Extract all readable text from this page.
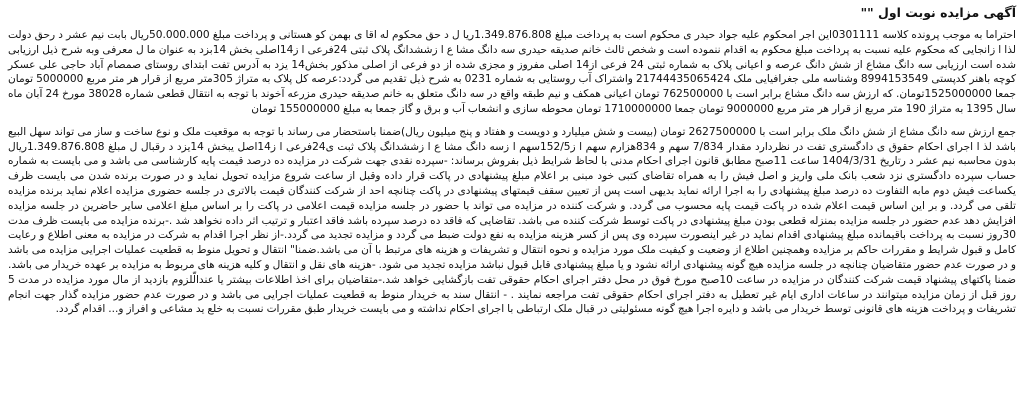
آگهی مزایده نوبت اول ""

احتراما به موجب پرونده کلاسه 0301111این اجر امحکوم علیه جواد حیدر ی محکوم است به پرداخت مبلغ 1.349.876.808ریا ل د حق محکوم له اقا ی بهمن کو هستانی و پرداخت مبلغ 50.000.000ریال بابت نیم عشر د رحق دولت لذا ا زانجایی که محکوم علیه نسبت به پرداخت مبلغ محکوم به اقدام ننموده است و شخص ثالث خانم صدیقه حیدری سه دانگ مشا ع ا زششدانگ پلاک ثبتی 24فرعی ا ز14اصلی بخش 14بزد به عنوان ما ل معرفی وبه شرح ذیل ارزیابی شده است ارزیابی سه دانگ مشاع از شش دانگ عرصه و اعیانی پلاک به شماره ثبتی 24 فرعی از14 اصلی مفروز و مجزی شده از دو فرعی از اصلی مذکور بخش14 یزد به آدرس تفت ابتدای روستای صمصام آباد حاجی علی عسکر کوچه باهنر کدپستی 8994153549 وشناسه ملی جغرافیایی ملک 21744435065424 واشتراک آب روستایی به شماره 0231 به شرح ذیل تقدیم می گردد:عرصه کل پلاک به متراژ 305متر مربع از قرار هر متر مربع 5000000 تومان جمعا 1525000000تومان. که ارزش سه دانگ مشاع برابر است با 762500000 تومان اعیانی همکف و نیم طبقه واقع در سه دانگ متعلق به خانم صدیقه حیدری مزرعه آخوند با توجه به انتقال قطعی شماره 38028 مورخ 24 آبان ماه سال 1395 به متراژ 190 متر مربع از قرار هر متر مربع 9000000 تومان جمعا 1710000000 تومان محوطه سازی و انشعاب آب و برق و گاز جمعا به مبلغ 155000000 تومان

جمع ارزش سه دانگ مشاع از شش دانگ ملک برابر است با 2627500000 تومان (بیست و شش میلیارد و دویست و هفتاد و پنج میلیون ریال)ضمنا باستحضار می رساند با توجه به موقعیت ملک و نوع ساخت و ساز می تواند سهل البیع باشد لذ ا اجرای احکام حقوق ی دادگستری تفت در نظردارد مقدار 7/834 سهم و 834هزارم سهم ا ز152/5سهم ا زسه دانگ مشا ع ا زششدانگ پلاک ثبت ی24فرعی ا ز14اصل یبخش 14یزد د رقبال ل مبلغ 1.349.876.808ریال بدون محاسبه نیم عشر د رتاریخ 1404/3/31 ساعت 11صبح مطابق قانون اجرای احکام مدنی با لحاظ شرایط ذیل بفروش برساند: -سپرده نقدی جهت شرکت در مزایده ده درصد قیمت پایه کارشناسی می باشد و می بایست به شماره حساب سپرده دادگستری نزد شعب بانک ملی واریز و اصل فیش را به همراه تقاضای کتبی خود مبنی بر اعلام مبلغ پیشنهادی در پاکت قرار داده وقبل از ساعت شروع مزایده تحویل نماید و در صورت برنده شدن می بایست ظرف یکساعت فیش دوم مابه التفاوت ده درصد مبلغ پیشنهادی را به اجرا ارائه نماید بدیهی است پس از تعیین سقف قیمتهای پیشنهادی در پاکت چنانچه احد از شرکت کنندگان قیمت بالاتری در جلسه حضوری مزایده اعلام نماید برنده مزایده تلقی می گردد. و بر این اساس قیمت اعلام شده در پاکت قیمت پایه محسوب می گردد. و شرکت کننده در مزایده می تواند با حضور در جلسه مزایده قیمت اعلامی در پاکت را بر اساس مبلغ اعلامی سایر حاضرین در جلسه مزایده افزایش دهد عدم حضور در جلسه مزایده بمنزله قطعی بودن مبلغ پیشنهادی در پاکت توسط شرکت کننده می باشد. تقاضایی که فاقد ده درصد سپرده باشد فاقد اعتبار و ترتیب اثر داده نخواهد شد .-برنده مزایده می بایست ظرف مدت 30روز نسبت به پرداخت باقیمانده مبلغ پیشنهادی اقدام نماید در غیر اینصورت سپرده وی پس از کسر هزینه مزایده به نفع دولت ضبط می گردد و مزایده تجدید می گردد.-از نظر اجرا اقدام به شرکت در مزایده به معنی اطلاع و رعایت کامل و قبول شرایط و مقررات حاکم بر مزایده وهمچنین اطلاع از وضعیت و کیفیت ملک مورد مزایده و نحوه انتقال و تشریفات و هزینه های مرتبط با آن می باشد.ضمنا" انتقال و تحویل منوط به قطعیت عملیات اجرایی مزایده می باشد و در صورت عدم حضور متقاضیان چنانچه در جلسه مزایده هیچ گونه پیشنهادی ارائه نشود و یا مبلغ پیشنهادی قابل قبول نباشد مزایده تجدید می شود. -هزینه های نقل و انتقال و کلیه هزینه های مربوط به مزایده بر عهده خریدار می باشد. ضمنا پاکتهای پیشنهاد قیمت شرکت کنندگان در مزایده در ساعت 10صبح مورخ فوق در محل دفتر اجرای احکام حقوقی تفت بازگشایی خواهد شد.-متقاضیان برای اخذ اطلاعات بیشتر یا عندالّلزوم بازدید از مال مورد مزایده در مدت 5 روز قبل از زمان مزایده میتوانند در ساعات اداری ایام غیر تعطیل به دفتر اجرای احکام حقوقی تفت مراجعه نمایند . - انتقال سند به خریدار منوط به قطعیت عملیات اجرایی می باشد و در صورت عدم حضور مزایده گذار جهت انجام تشریفات و پرداخت هزینه های قانونی توسط خریدار می باشد و دایره اجرا هیچ گونه مسئولیتی در قبال ملک ارتباطی با اجرای احکام نداشته و می بایست خریدار طبق مقررات نسبت به خلع ید مشاعی و افراز و... اقدام گردد.
